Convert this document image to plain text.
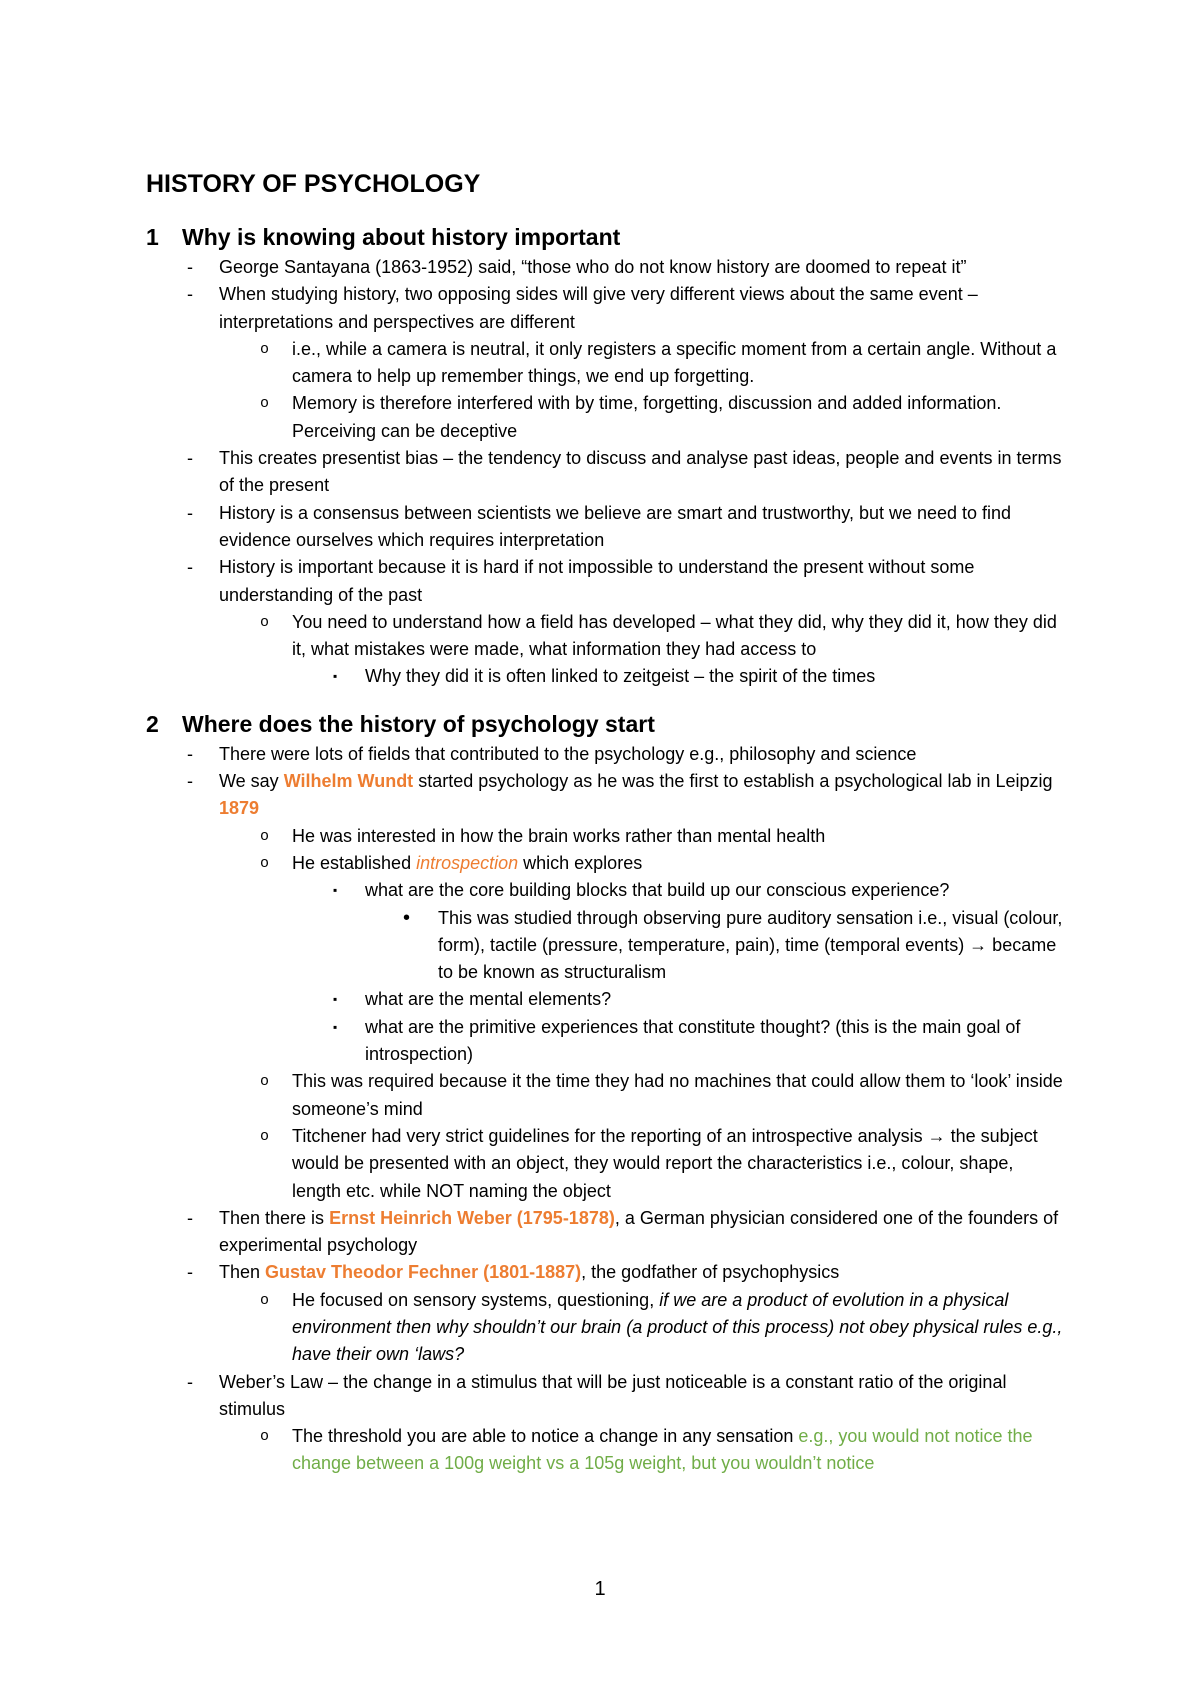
HISTORY OF PSYCHOLOGY
1	Why is knowing about history important
- George Santayana (1863-1952) said, “those who do not know history are doomed to repeat it”
- When studying history, two opposing sides will give very different views about the same event – interpretations and perspectives are different
o i.e., while a camera is neutral, it only registers a specific moment from a certain angle. Without a camera to help up remember things, we end up forgetting.
o Memory is therefore interfered with by time, forgetting, discussion and added information. Perceiving can be deceptive
- This creates presentist bias – the tendency to discuss and analyse past ideas, people and events in terms of the present
- History is a consensus between scientists we believe are smart and trustworthy, but we need to find evidence ourselves which requires interpretation
- History is important because it is hard if not impossible to understand the present without some understanding of the past
o You need to understand how a field has developed – what they did, why they did it, how they did it, what mistakes were made, what information they had access to
▪ Why they did it is often linked to zeitgeist – the spirit of the times
2	Where does the history of psychology start
- There were lots of fields that contributed to the psychology e.g., philosophy and science
- We say Wilhelm Wundt started psychology as he was the first to establish a psychological lab in Leipzig 1879
o He was interested in how the brain works rather than mental health
o He established introspection which explores
▪ what are the core building blocks that build up our conscious experience?
• This was studied through observing pure auditory sensation i.e., visual (colour, form), tactile (pressure, temperature, pain), time (temporal events) → became to be known as structuralism
▪ what are the mental elements?
▪ what are the primitive experiences that constitute thought? (this is the main goal of introspection)
o This was required because it the time they had no machines that could allow them to ‘look’ inside someone’s mind
o Titchener had very strict guidelines for the reporting of an introspective analysis → the subject would be presented with an object, they would report the characteristics i.e., colour, shape, length etc. while NOT naming the object
- Then there is Ernst Heinrich Weber (1795-1878), a German physician considered one of the founders of experimental psychology
- Then Gustav Theodor Fechner (1801-1887), the godfather of psychophysics
o He focused on sensory systems, questioning, if we are a product of evolution in a physical environment then why shouldn’t our brain (a product of this process) not obey physical rules e.g., have their own ‘laws?
- Weber’s Law – the change in a stimulus that will be just noticeable is a constant ratio of the original stimulus
o The threshold you are able to notice a change in any sensation e.g., you would not notice the change between a 100g weight vs a 105g weight, but you wouldn’t notice
1
